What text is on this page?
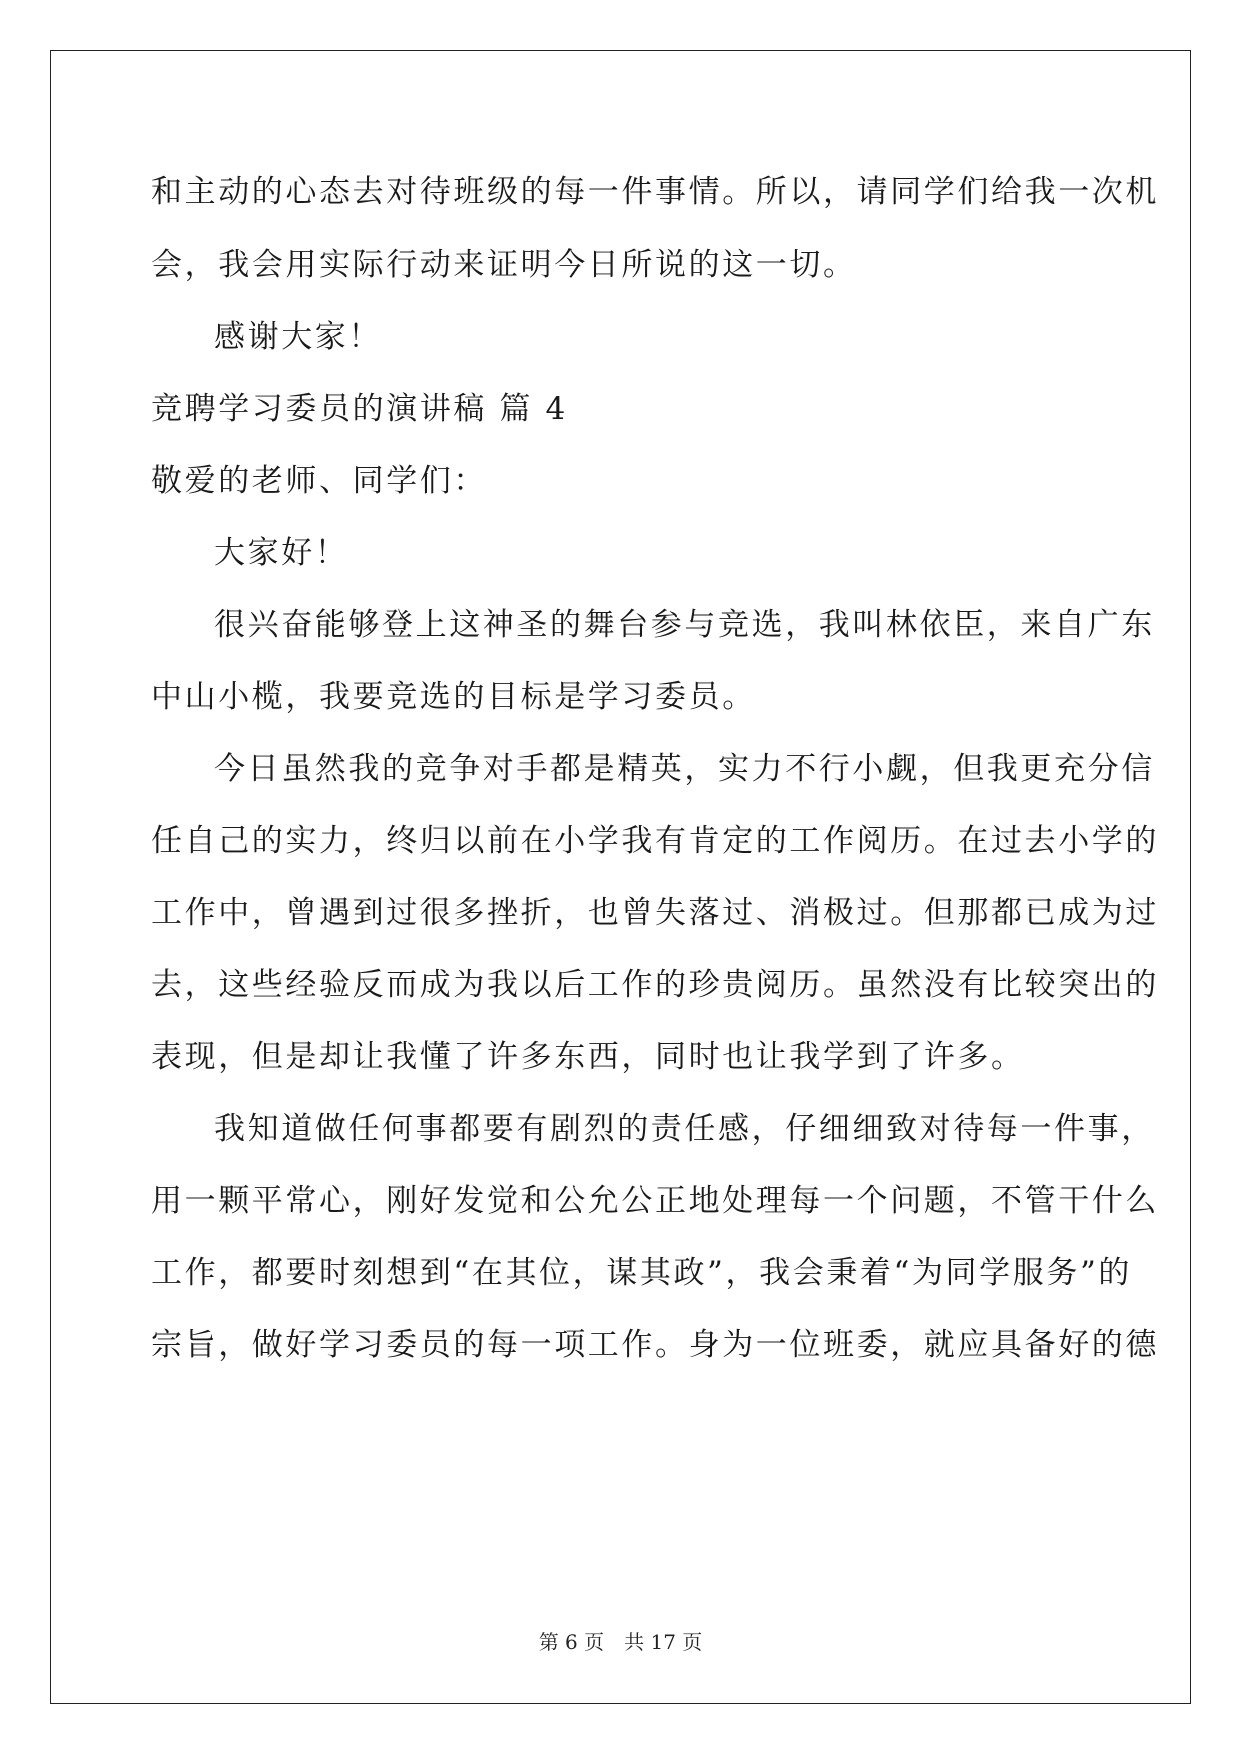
和主动的心态去对待班级的每一件事情。所以，请同学们给我一次机
会，我会用实际行动来证明今日所说的这一切。
感谢大家！
竞聘学习委员的演讲稿 篇 4
敬爱的老师、同学们：
大家好！
很兴奋能够登上这神圣的舞台参与竞选，我叫林依臣，来自广东
中山小榄，我要竞选的目标是学习委员。
今日虽然我的竞争对手都是精英，实力不行小觑，但我更充分信
任自己的实力，终归以前在小学我有肯定的工作阅历。在过去小学的
工作中，曾遇到过很多挫折，也曾失落过、消极过。但那都已成为过
去，这些经验反而成为我以后工作的珍贵阅历。虽然没有比较突出的
表现，但是却让我懂了许多东西，同时也让我学到了许多。
我知道做任何事都要有剧烈的责任感，仔细细致对待每一件事，
用一颗平常心，刚好发觉和公允公正地处理每一个问题，不管干什么
工作，都要时刻想到“在其位，谋其政”，我会秉着“为同学服务”的
宗旨，做好学习委员的每一项工作。身为一位班委，就应具备好的德
第 6 页　共 17 页
